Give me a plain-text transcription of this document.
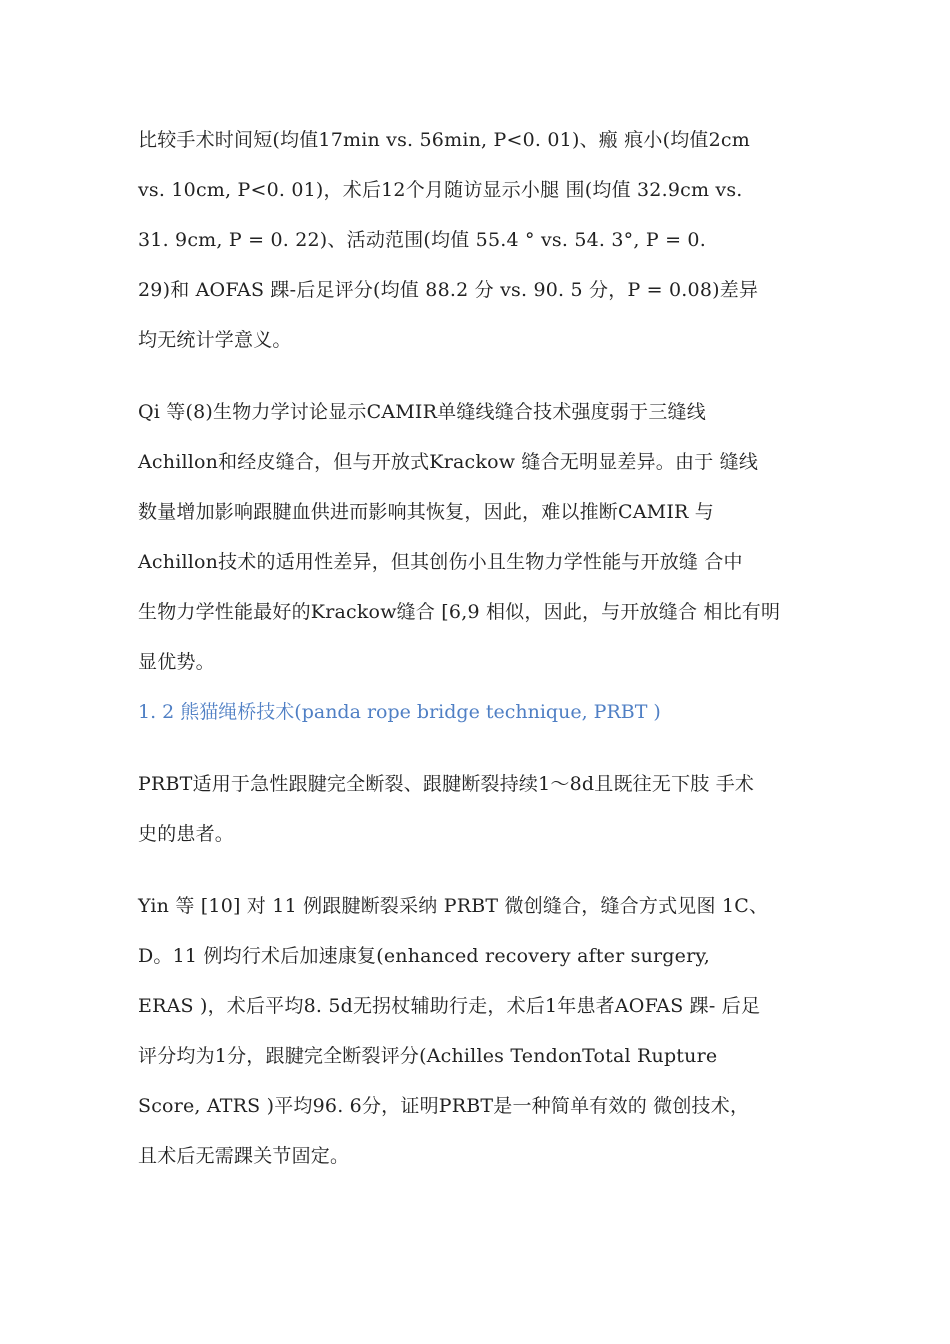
比较手术时间短(均值17min vs. 56min, P<0. 01)、瘢 痕小(均值2cm
vs. 10cm, P<0. 01)，术后12个月随访显示小腿 围(均值 32.9cm vs.
31. 9cm, P = 0. 22)、活动范围(均值 55.4 ° vs. 54. 3°, P = 0.
29)和 AOFAS 踝-后足评分(均值 88.2 分 vs. 90. 5 分，P = 0.08)差异
均无统计学意义。

Qi 等(8)生物力学讨论显示CAMIR单缝线缝合技术强度弱于三缝线
Achillon和经皮缝合，但与开放式Krackow 缝合无明显差异。由于 缝线
数量增加影响跟腱血供进而影响其恢复，因此，难以推断CAMIR 与
Achillon技术的适用性差异，但其创伤小且生物力学性能与开放缝 合中
生物力学性能最好的Krackow缝合 [6,9 相似，因此，与开放缝合 相比有明
显优势。

1. 2 熊猫绳桥技术(panda rope bridge technique, PRBT )

PRBT适用于急性跟腱完全断裂、跟腱断裂持续1〜8d且既往无下肢 手术
史的患者。

Yin 等 [10] 对 11 例跟腱断裂采纳 PRBT 微创缝合，缝合方式见图 1C、
D。11 例均行术后加速康复(enhanced recovery after surgery,
ERAS )，术后平均8. 5d无拐杖辅助行走，术后1年患者AOFAS 踝- 后足
评分均为1分，跟腱完全断裂评分(Achilles TendonTotal Rupture
Score, ATRS )平均96. 6分，证明PRBT是一种简单有效的 微创技术，
且术后无需踝关节固定。
